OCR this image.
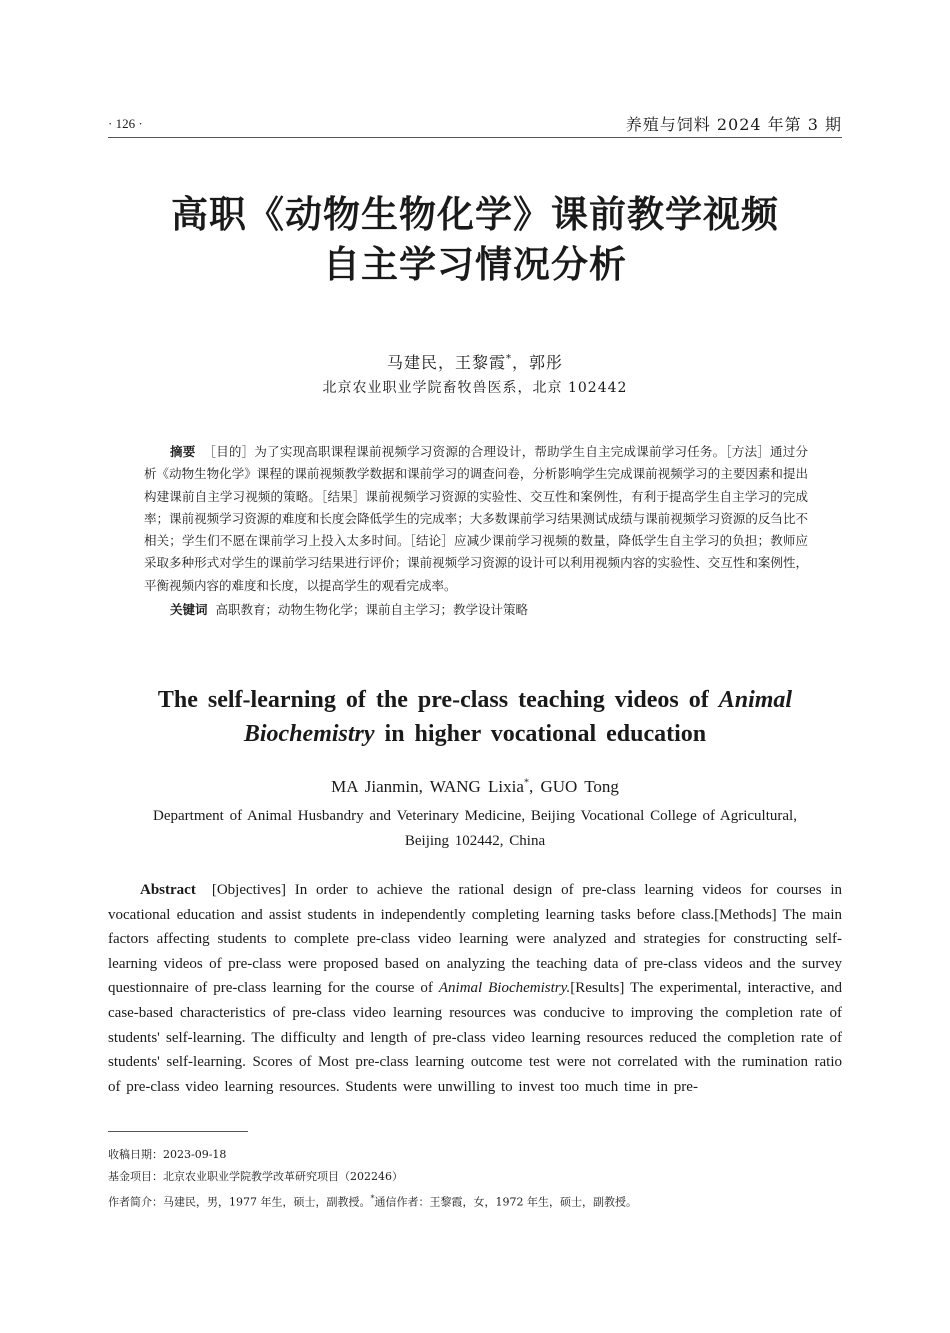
· 126 ·	养殖与饲料 2024 年第 3 期
高职《动物生物化学》课前教学视频
自主学习情况分析
马建民，王黎霞*，郭彤
北京农业职业学院畜牧兽医系，北京 102442
摘要 ［目的］为了实现高职课程课前视频学习资源的合理设计，帮助学生自主完成课前学习任务。［方法］通过分析《动物生物化学》课程的课前视频教学数据和课前学习的调查问卷，分析影响学生完成课前视频学习的主要因素和提出构建课前自主学习视频的策略。［结果］课前视频学习资源的实验性、交互性和案例性，有利于提高学生自主学习的完成率；课前视频学习资源的难度和长度会降低学生的完成率；大多数课前学习结果测试成绩与课前视频学习资源的反刍比不相关；学生们不愿在课前学习上投入太多时间。［结论］应减少课前学习视频的数量，降低学生自主学习的负担；教师应采取多种形式对学生的课前学习结果进行评价；课前视频学习资源的设计可以利用视频内容的实验性、交互性和案例性，平衡视频内容的难度和长度，以提高学生的观看完成率。
关键词 高职教育；动物生物化学；课前自主学习；教学设计策略
The self-learning of the pre-class teaching videos of Animal Biochemistry in higher vocational education
MA Jianmin, WANG Lixia*, GUO Tong
Department of Animal Husbandry and Veterinary Medicine, Beijing Vocational College of Agricultural,
Beijing 102442, China
Abstract [Objectives] In order to achieve the rational design of pre-class learning videos for courses in vocational education and assist students in independently completing learning tasks before class.[Methods] The main factors affecting students to complete pre-class video learning were analyzed and strategies for constructing self-learning videos of pre-class were proposed based on analyzing the teaching data of pre-class videos and the survey questionnaire of pre-class learning for the course of Animal Biochemistry.[Results] The experimental, interactive, and case-based characteristics of pre-class video learning resources was conducive to improving the completion rate of students' self-learning. The difficulty and length of pre-class video learning resources reduced the completion rate of students' self-learning. Scores of Most pre-class learning outcome test were not correlated with the rumination ratio of pre-class video learning resources. Students were unwilling to invest too much time in pre-
收稿日期：2023-09-18
基金项目：北京农业职业学院教学改革研究项目（202246）
作者简介：马建民，男，1977 年生，硕士，副教授。*通信作者：王黎霞，女，1972 年生，硕士，副教授。
